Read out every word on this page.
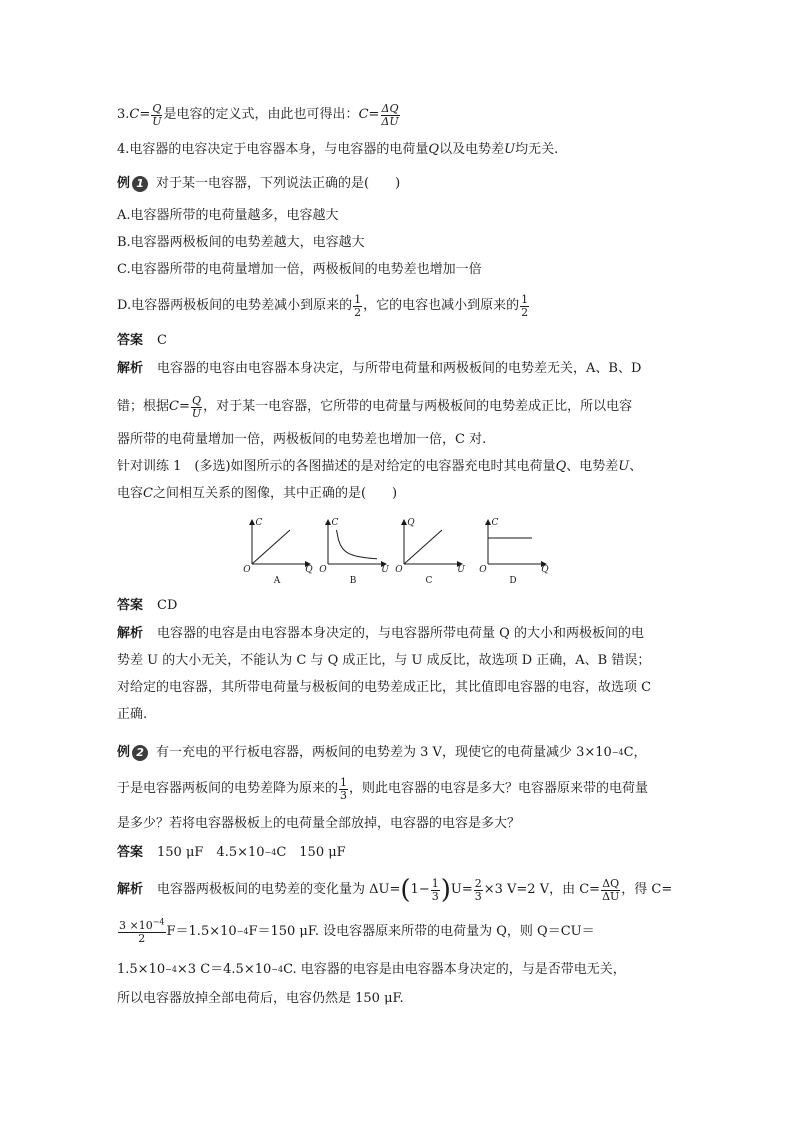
3. $C = \frac{Q}{U}$ 是电容的定义式，由此也可得出： $C = \frac{\Delta Q}{\Delta U}$
4.电容器的电容决定于电容器本身，与电容器的电荷量 Q 以及电势差 U 均无关.
例 1 对于某一电容器，下列说法正确的是(　　)
A.电容器所带的电荷量越多，电容越大
B.电容器两极板间的电势差越大，电容越大
C.电容器所带的电荷量增加一倍，两极板间的电势差也增加一倍
D.电容器两极板间的电势差减小到原来的 $\frac{1}{2}$ ，它的电容也减小到原来的 $\frac{1}{2}$
答案 C
解析 电容器的电容由电容器本身决定，与所带电荷量和两极板间的电势差无关，A、B、D
错；根据 $C = \frac{Q}{U}$ ，对于某一电容器，它所带的电荷量与两极板间的电势差成正比，所以电容
器所带的电荷量增加一倍，两极板间的电势差也增加一倍，C 对.
针对训练 1　(多选)如图所示的各图描述的是对给定的电容器充电时其电荷量 Q 、电势差 U 、
电容 C 之间相互关系的图像，其中正确的是(　　)
C
O	Q
A
C
O	U
B
Q
O	U
C
C
O	Q
D
答案 CD
解析 电容器的电容是由电容器本身决定的，与电容器所带电荷量 Q 的大小和两极板间的电
势差 U 的大小无关，不能认为 C 与 Q 成正比，与 U 成反比，故选项 D 正确，A、B 错误；
对给定的电容器，其所带电荷量与极板间的电势差成正比，其比值即电容器的电容，故选项 C
正确.
例 2 有一充电的平行板电容器，两板间的电势差为 3 V，现使它的电荷量减少 3×10 −4 C，
于是电容器两板间的电势差降为原来的 $\frac{1}{3}$ ，则此电容器的电容是多大？电容器原来带的电荷量
是多少？若将电容器极板上的电荷量全部放掉，电容器的电容是多大？
答案 150 μF　4.5×10 −4 C　150 μF
解析 电容器两极板间的电势差的变化量为 ΔU= ( $1- \frac{1}{3}$ ) $U= \frac{2}{3} \times 3$ V=2 V，由 $C= \frac{\Delta Q}{\Delta U}$ ，得 C=
$\frac{3 \times 10^{-4}}{2} F=1.5\times 10 -4$ F＝150 μF. 设电容器原来所带的电荷量为 Q，则 Q＝CU＝
1.5×10 −4 ×3 C＝4.5×10 −4 C. 电容器的电容是由电容器本身决定的，与是否带电无关，
所以电容器放掉全部电荷后，电容仍然是 150 μF.
